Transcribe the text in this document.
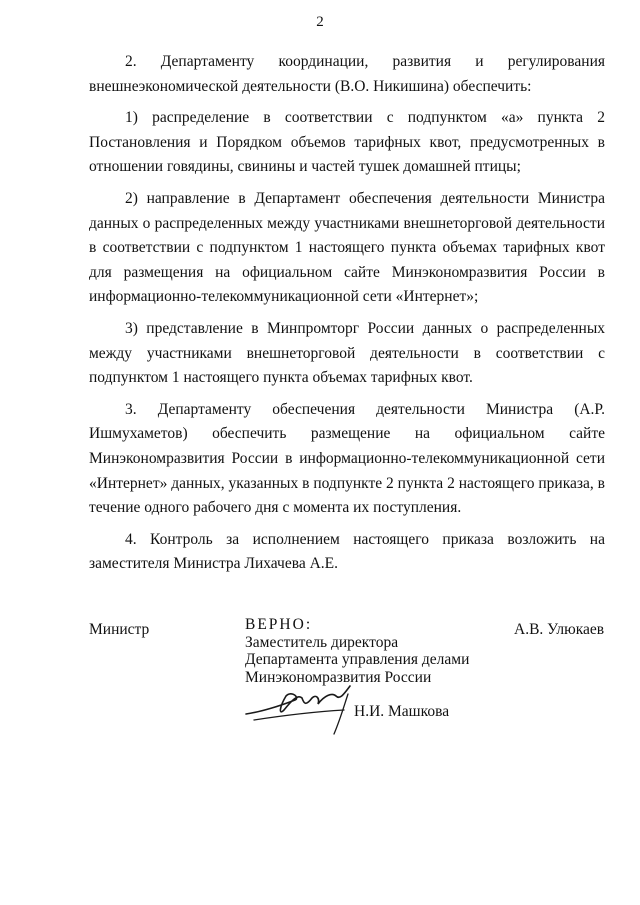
2

2. Департаменту координации, развития и регулирования внешнеэкономической деятельности (В.О. Никишина) обеспечить:

1) распределение в соответствии с подпунктом «а» пункта 2 Постановления и Порядком объемов тарифных квот, предусмотренных в отношении говядины, свинины и частей тушек домашней птицы;

2) направление в Департамент обеспечения деятельности Министра данных о распределенных между участниками внешнеторговой деятельности в соответствии с подпунктом 1 настоящего пункта объемах тарифных квот для размещения на официальном сайте Минэкономразвития России в информационно-телекоммуникационной сети «Интернет»;

3) представление в Минпромторг России данных о распределенных между участниками внешнеторговой деятельности в соответствии с подпунктом 1 настоящего пункта объемах тарифных квот.

3. Департаменту обеспечения деятельности Министра (А.Р. Ишмухаметов) обеспечить размещение на официальном сайте Минэкономразвития России в информационно-телекоммуникационной сети «Интернет» данных, указанных в подпункте 2 пункта 2 настоящего приказа, в течение одного рабочего дня с момента их поступления.

4. Контроль за исполнением настоящего приказа возложить на заместителя Министра Лихачева А.Е.

Министр	ВЕРНО:
Заместитель директора
Департамента управления делами
Минэкономразвития России
Н.И. Машкова
А.В. Улюкаев
